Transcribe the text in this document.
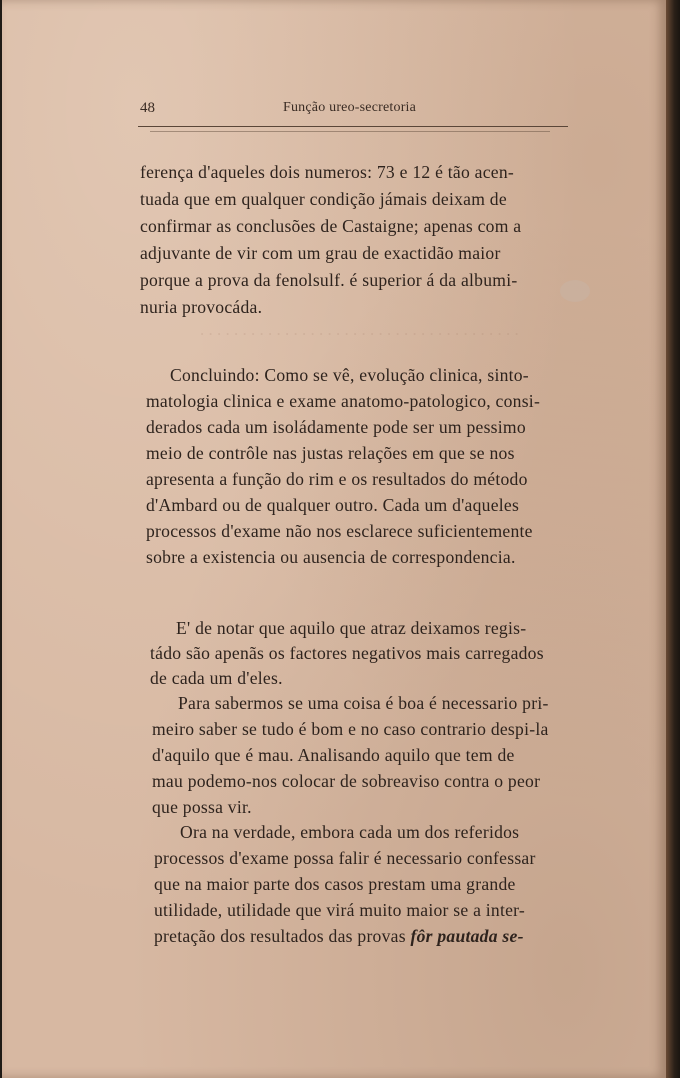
. . . . . . . . . . . . . . . . . . . . . . . . . . . . . . . . . . . . . .
48	Função ureo-secretoria
ferença d'aqueles dois numeros: 73 e 12 é tão acen-
tuada que em qualquer condição jámais deixam de
confirmar as conclusões de Castaigne; apenas com a
adjuvante de vir com um grau de exactidão maior
porque a prova da fenolsulf. é superior á da albumi-
nuria provocáda.
Concluindo: Como se vê, evolução clinica, sinto-
matologia clinica e exame anatomo-patologico, consi-
derados cada um isoládamente pode ser um pessimo
meio de contrôle nas justas relações em que se nos
apresenta a função do rim e os resultados do método
d'Ambard ou de qualquer outro. Cada um d'aqueles
processos d'exame não nos esclarece suficientemente
sobre a existencia ou ausencia de correspondencia.
E' de notar que aquilo que atraz deixamos regis-
tádo são apenãs os factores negativos mais carregados
de cada um d'eles.
Para sabermos se uma coisa é boa é necessario pri-
meiro saber se tudo é bom e no caso contrario despi-la
d'aquilo que é mau. Analisando aquilo que tem de
mau podemo-nos colocar de sobreaviso contra o peor
que possa vir.
Ora na verdade, embora cada um dos referidos
processos d'exame possa falir é necessario confessar
que na maior parte dos casos prestam uma grande
utilidade, utilidade que virá muito maior se a inter-
pretação dos resultados das provas fôr pautada se-
